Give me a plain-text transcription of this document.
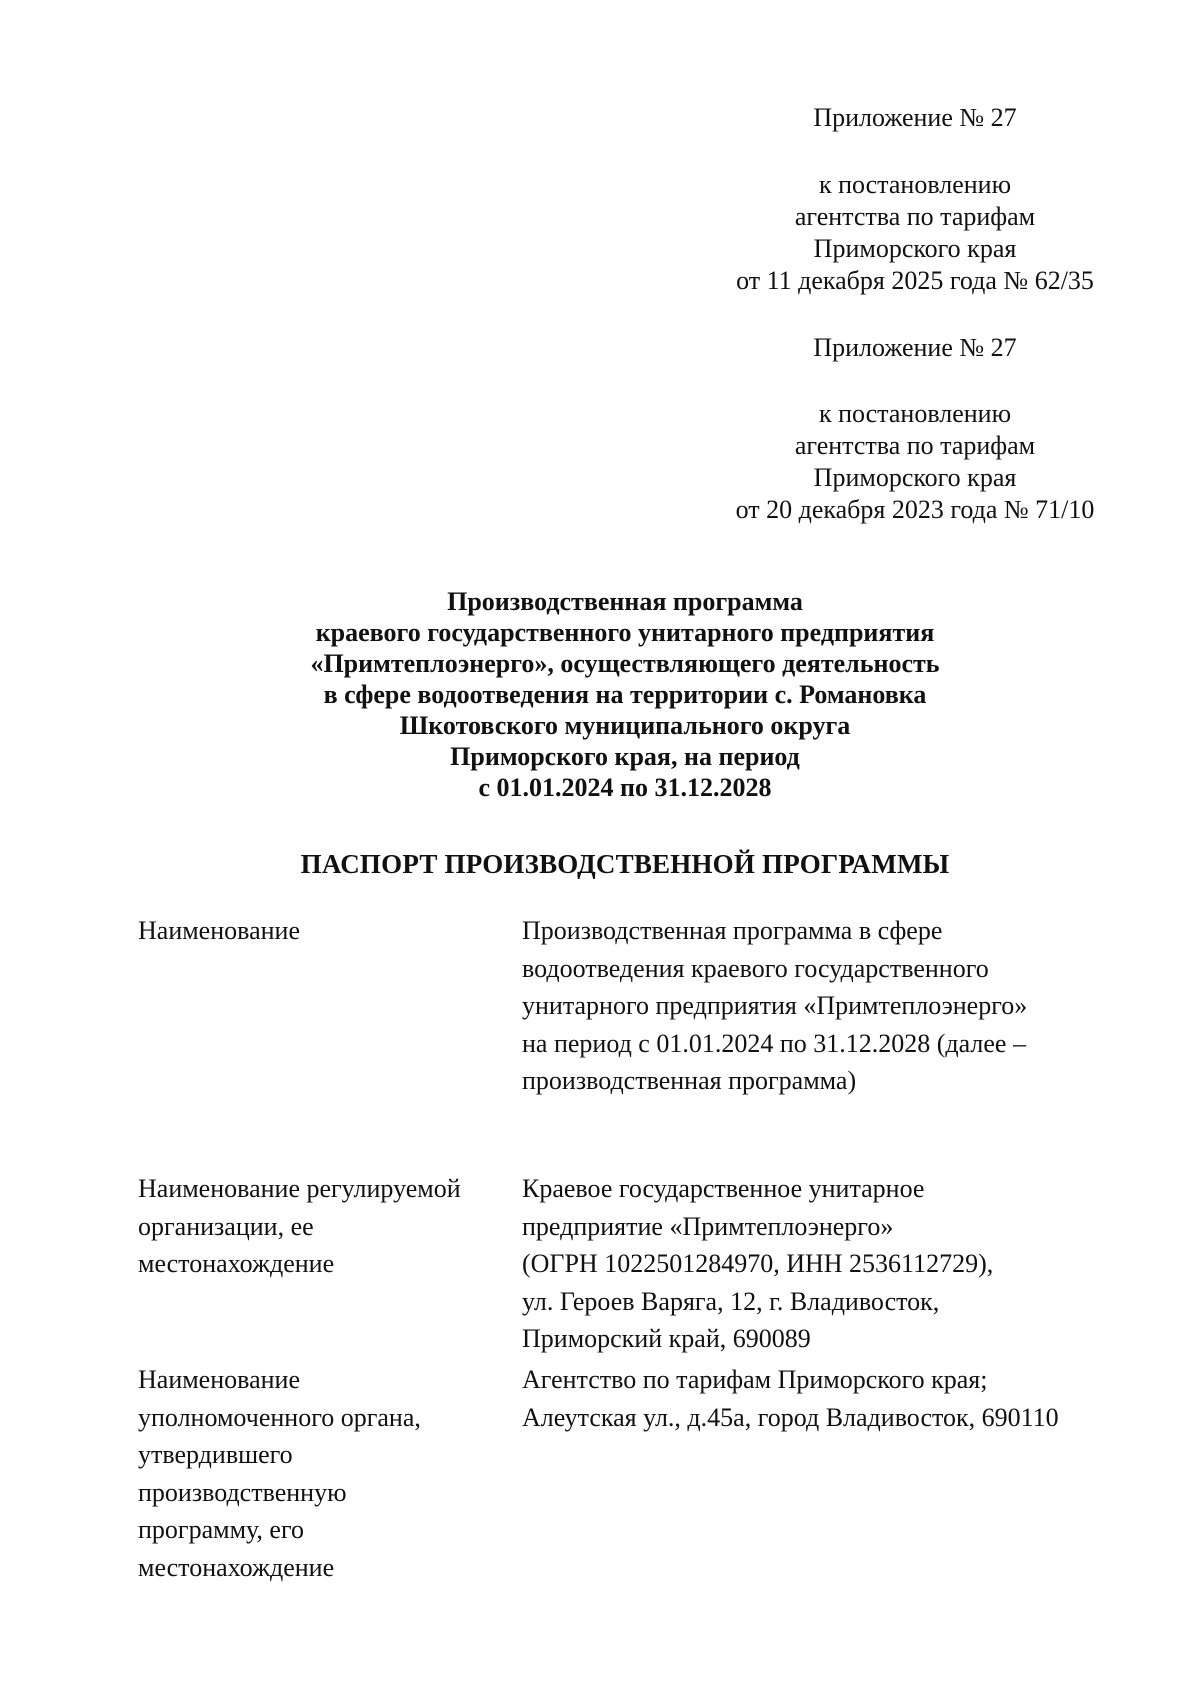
Приложение № 27
к постановлению
агентства по тарифам
Приморского края
от 11 декабря 2025 года № 62/35
Приложение № 27
к постановлению
агентства по тарифам
Приморского края
от 20 декабря 2023 года № 71/10
Производственная программа
краевого государственного унитарного предприятия
«Примтеплоэнерго», осуществляющего деятельность
в сфере водоотведения на территории с. Романовка
Шкотовского муниципального округа
Приморского края, на период
с 01.01.2024 по 31.12.2028
ПАСПОРТ ПРОИЗВОДСТВЕННОЙ ПРОГРАММЫ
Наименование	Производственная программа в сфере
водоотведения краевого государственного
унитарного предприятия «Примтеплоэнерго»
на период с 01.01.2024 по 31.12.2028 (далее –
производственная программа)
Наименование регулируемой
организации, ее
местонахождение
Краевое государственное унитарное
предприятие «Примтеплоэнерго»
(ОГРН 1022501284970, ИНН 2536112729),
ул. Героев Варяга, 12, г. Владивосток,
Приморский край, 690089
Наименование
уполномоченного органа,
утвердившего
производственную
программу, его
местонахождение
Агентство по тарифам Приморского края;
Алеутская ул., д.45а, город Владивосток, 690110
